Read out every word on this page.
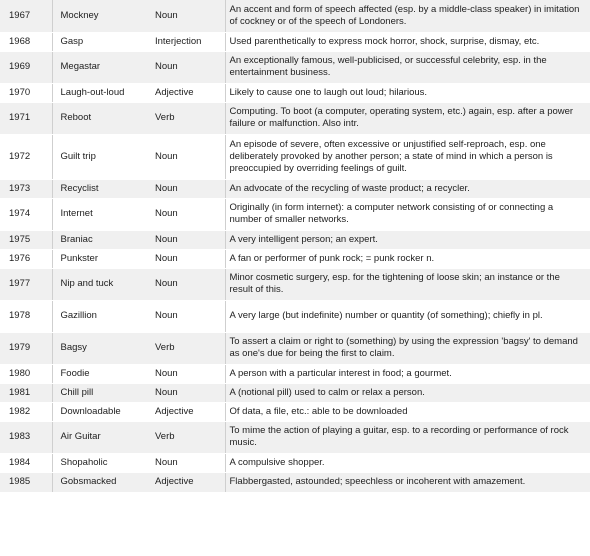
1967	Mockney	Noun	An accent and form of speech affected (esp. by a middle-class speaker) in imitation of cockney or of the speech of Londoners.
1968	Gasp	Interjection	Used parenthetically to express mock horror, shock, surprise, dismay, etc.
1969	Megastar	Noun	An exceptionally famous, well-publicised, or successful celebrity, esp. in the entertainment business.
1970	Laugh-out-loud	Adjective	Likely to cause one to laugh out loud; hilarious.
1971	Reboot	Verb	Computing. To boot (a computer, operating system, etc.) again, esp. after a power failure or malfunction. Also intr.
1972	Guilt trip	Noun	An episode of severe, often excessive or unjustified self-reproach, esp. one deliberately provoked by another person; a state of mind in which a person is preoccupied by overriding feelings of guilt.
1973	Recyclist	Noun	An advocate of the recycling of waste product; a recycler.
1974	Internet	Noun	Originally (in form internet): a computer network consisting of or connecting a number of smaller networks.
1975	Braniac	Noun	A very intelligent person; an expert.
1976	Punkster	Noun	A fan or performer of punk rock; = punk rocker n.
1977	Nip and tuck	Noun	Minor cosmetic surgery, esp. for the tightening of loose skin; an instance or the result of this.
1978	Gazillion	Noun	A very large (but indefinite) number or quantity (of something); chiefly in pl.
1979	Bagsy	Verb	To assert a claim or right to (something) by using the expression 'bagsy' to demand as one's due for being the first to claim.
1980	Foodie	Noun	A person with a particular interest in food; a gourmet.
1981	Chill pill	Noun	A (notional pill) used to calm or relax a person.
1982	Downloadable	Adjective	Of data, a file, etc.: able to be downloaded
1983	Air Guitar	Verb	To mime the action of playing a guitar, esp. to a recording or performance of rock music.
1984	Shopaholic	Noun	A compulsive shopper.
1985	Gobsmacked	Adjective	Flabbergasted, astounded; speechless or incoherent with amazement.
